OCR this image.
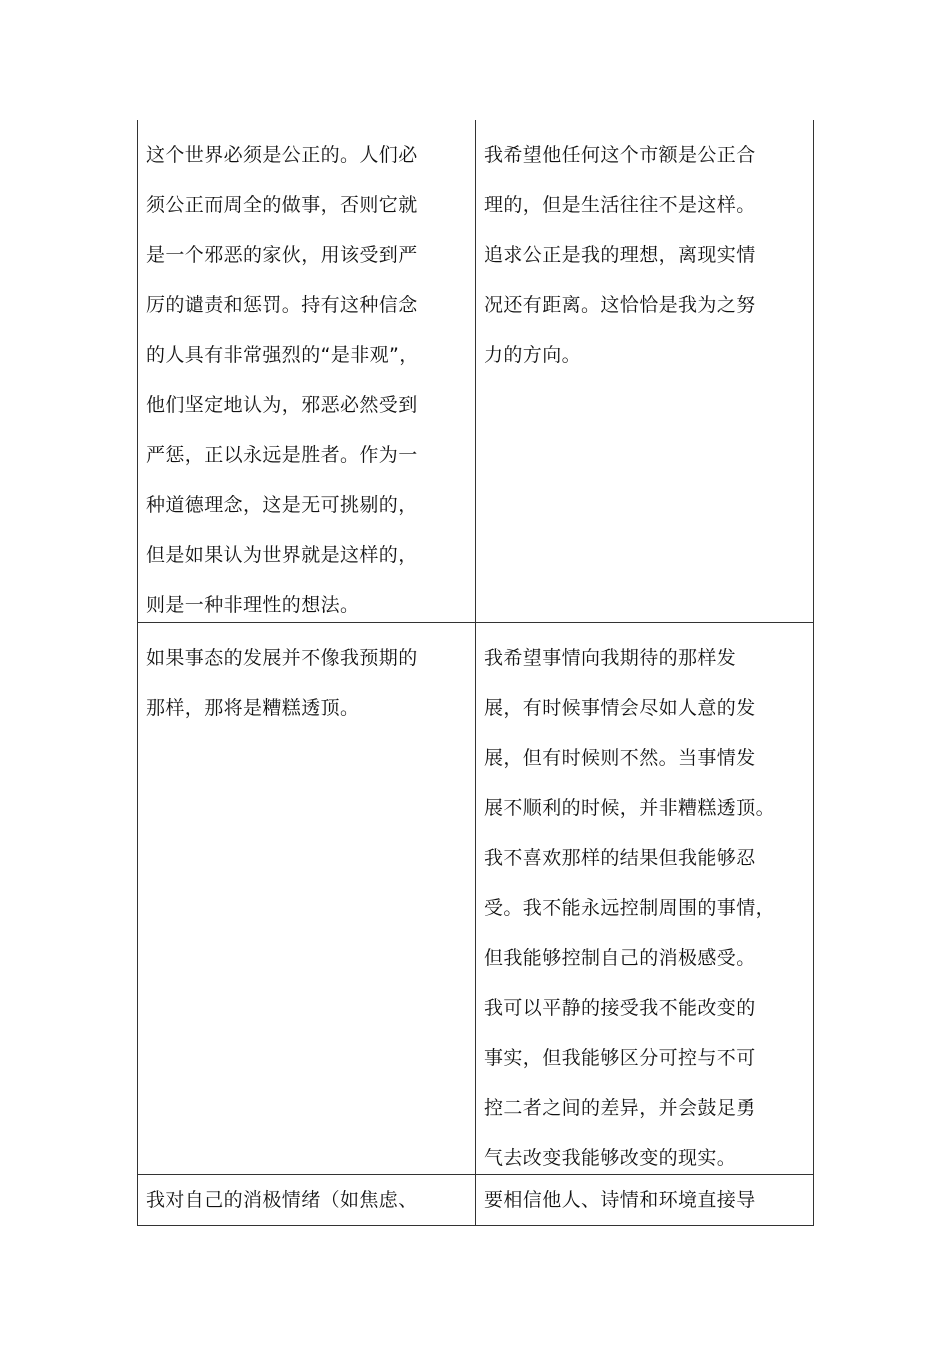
这个世界必须是公正的。人们必
须公正而周全的做事，否则它就
是一个邪恶的家伙，用该受到严
厉的谴责和惩罚。持有这种信念
的人具有非常强烈的“是非观”，
他们坚定地认为，邪恶必然受到
严惩，正以永远是胜者。作为一
种道德理念，这是无可挑剔的，
但是如果认为世界就是这样的，
则是一种非理性的想法。
我希望他任何这个市额是公正合
理的，但是生活往往不是这样。
追求公正是我的理想，离现实情
况还有距离。这恰恰是我为之努
力的方向。
如果事态的发展并不像我预期的
那样，那将是糟糕透顶。
我希望事情向我期待的那样发
展，有时候事情会尽如人意的发
展，但有时候则不然。当事情发
展不顺利的时候，并非糟糕透顶。
我不喜欢那样的结果但我能够忍
受。我不能永远控制周围的事情，
但我能够控制自己的消极感受。
我可以平静的接受我不能改变的
事实，但我能够区分可控与不可
控二者之间的差异，并会鼓足勇
气去改变我能够改变的现实。
我对自己的消极情绪（如焦虑、	要相信他人、诗情和环境直接导
